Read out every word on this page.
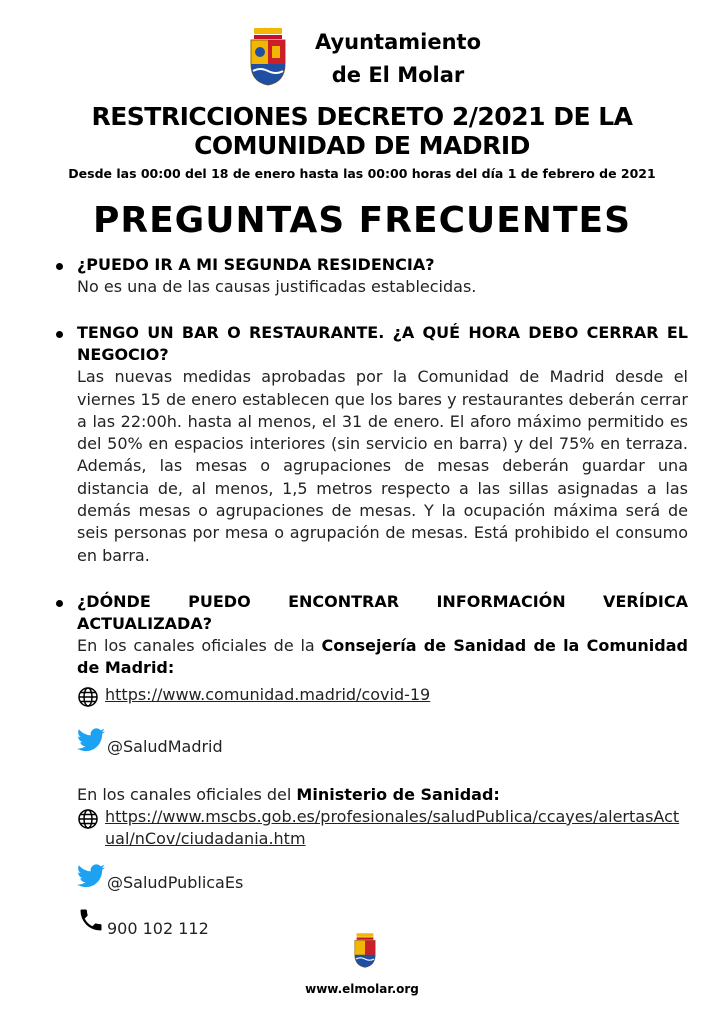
Ayuntamiento
de El Molar
RESTRICCIONES DECRETO 2/2021 DE LA
COMUNIDAD DE MADRID
Desde las 00:00 del 18 de enero hasta las 00:00 horas del día 1 de febrero de 2021
PREGUNTAS FRECUENTES
¿PUEDO IR A MI SEGUNDA RESIDENCIA?
No es una de las causas justificadas establecidas.
TENGO UN BAR O RESTAURANTE. ¿A QUÉ HORA DEBO CERRAR EL NEGOCIO?
Las nuevas medidas aprobadas por la Comunidad de Madrid desde el viernes 15 de enero establecen que los bares y restaurantes deberán cerrar a las 22:00h. hasta al menos, el 31 de enero. El aforo máximo permitido es del 50% en espacios interiores (sin servicio en barra) y del 75% en terraza. Además, las mesas o agrupaciones de mesas deberán guardar una distancia de, al menos, 1,5 metros respecto a las sillas asignadas a las demás mesas o agrupaciones de mesas. Y la ocupación máxima será de seis personas por mesa o agrupación de mesas. Está prohibido el consumo en barra.
¿DÓNDE PUEDO ENCONTRAR INFORMACIÓN VERÍDICA ACTUALIZADA?
En los canales oficiales de la Consejería de Sanidad de la Comunidad de Madrid:
https://www.comunidad.madrid/covid-19
@SaludMadrid
En los canales oficiales del Ministerio de Sanidad:
https://www.mscbs.gob.es/profesionales/saludPublica/ccayes/alertasActual/nCov/ciudadania.htm
@SaludPublicaEs
900 102 112
www.elmolar.org
